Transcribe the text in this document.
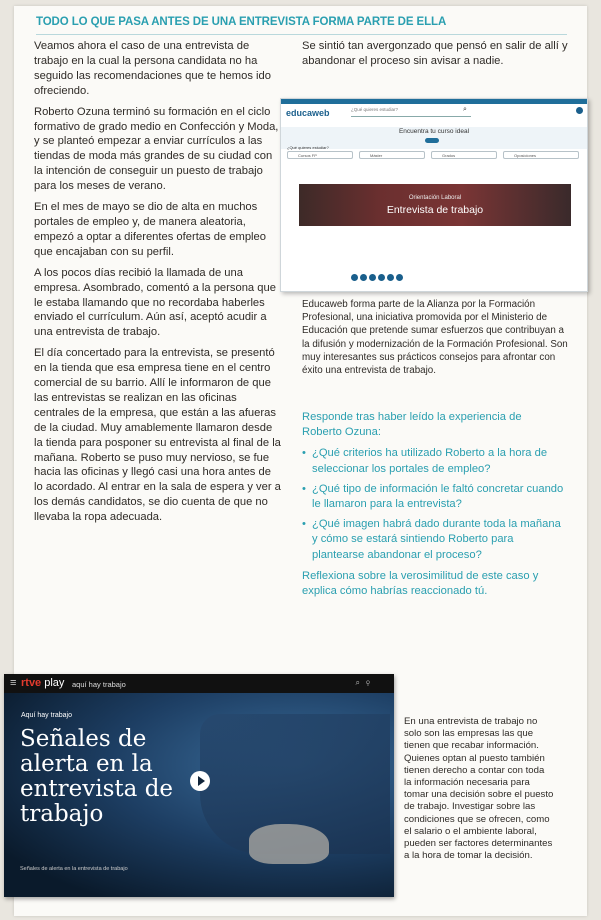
TODO LO QUE PASA ANTES DE UNA ENTREVISTA FORMA PARTE DE ELLA

Veamos ahora el caso de una entrevista de trabajo en la cual la persona candidata no ha seguido las recomendaciones que te hemos ido ofreciendo.

Roberto Ozuna terminó su formación en el ciclo formativo de grado medio en Confección y Moda, y se planteó empezar a enviar currículos a las tiendas de moda más grandes de su ciudad con la intención de conseguir un puesto de trabajo para los meses de verano.

En el mes de mayo se dio de alta en muchos portales de empleo y, de manera aleatoria, empezó a optar a diferentes ofertas de empleo que encajaban con su perfil.

A los pocos días recibió la llamada de una empresa. Asombrado, comentó a la persona que le estaba llamando que no recordaba haberles enviado el currículum. Aún así, aceptó acudir a una entrevista de trabajo.

El día concertado para la entrevista, se presentó en la tienda que esa empresa tiene en el centro comercial de su barrio. Allí le informaron de que las entrevistas se realizan en las oficinas centrales de la empresa, que están a las afueras de la ciudad. Muy amablemente llamaron desde la tienda para posponer su entrevista al final de la mañana. Roberto se puso muy nervioso, se fue hacia las oficinas y llegó casi una hora antes de lo acordado. Al entrar en la sala de espera y ver a los demás candidatos, se dio cuenta de que no llevaba la ropa adecuada.

Se sintió tan avergonzado que pensó en salir de allí y abandonar el proceso sin avisar a nadie.

educaweb	¿Qué quieres estudiar?	⌕
Encuentra tu curso ideal
¿Qué quieres estudiar?
Cursos FP	Máster	Grados	Oposiciones
Orientación Laboral
Entrevista de trabajo
Educaweb forma parte de la Alianza por la Formación Profesional, una iniciativa promovida por el Ministerio de Educación que pretende sumar esfuerzos que contribuyan a la difusión y modernización de la Formación Profesional. Son muy interesantes sus prácticos consejos para afrontar con éxito una entrevista de trabajo.
Responde tras haber leído la experiencia de Roberto Ozuna:
• ¿Qué criterios ha utilizado Roberto a la hora de seleccionar los portales de empleo?
• ¿Qué tipo de información le faltó concretar cuando le llamaron para la entrevista?
• ¿Qué imagen habrá dado durante toda la mañana y cómo se estará sintiendo Roberto para plantearse abandonar el proceso?
Reflexiona sobre la verosimilitud de este caso y explica cómo habrías reaccionado tú.
≡ rtve play aquí hay trabajo	⌕⚲
Aquí hay trabajo
Señales de alerta en la entrevista de trabajo
Señales de alerta en la entrevista de trabajo

En una entrevista de trabajo no solo son las empresas las que tienen que recabar información. Quienes optan al puesto también tienen derecho a contar con toda la información necesaria para tomar una decisión sobre el puesto de trabajo. Investigar sobre las condiciones que se ofrecen, como el salario o el ambiente laboral, pueden ser factores determinantes a la hora de tomar la decisión.
